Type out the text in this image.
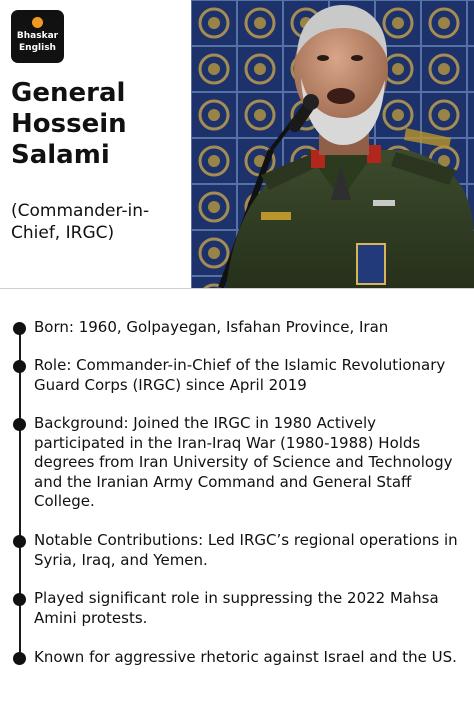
Bhaskar
English
General
Hossein
Salami
(Commander-in-
Chief, IRGC)
Born: 1960, Golpayegan, Isfahan Province, Iran
Role: Commander-in-Chief of the Islamic Revolutionary Guard Corps (IRGC) since April 2019
Background: Joined the IRGC in 1980 Actively participated in the Iran-Iraq War (1980-1988) Holds degrees from Iran University of Science and Technology and the Iranian Army Command and General Staff College.
Notable Contributions: Led IRGC’s regional operations in Syria, Iraq, and Yemen.
Played significant role in suppressing the 2022 Mahsa Amini protests.
Known for aggressive rhetoric against Israel and the US.
